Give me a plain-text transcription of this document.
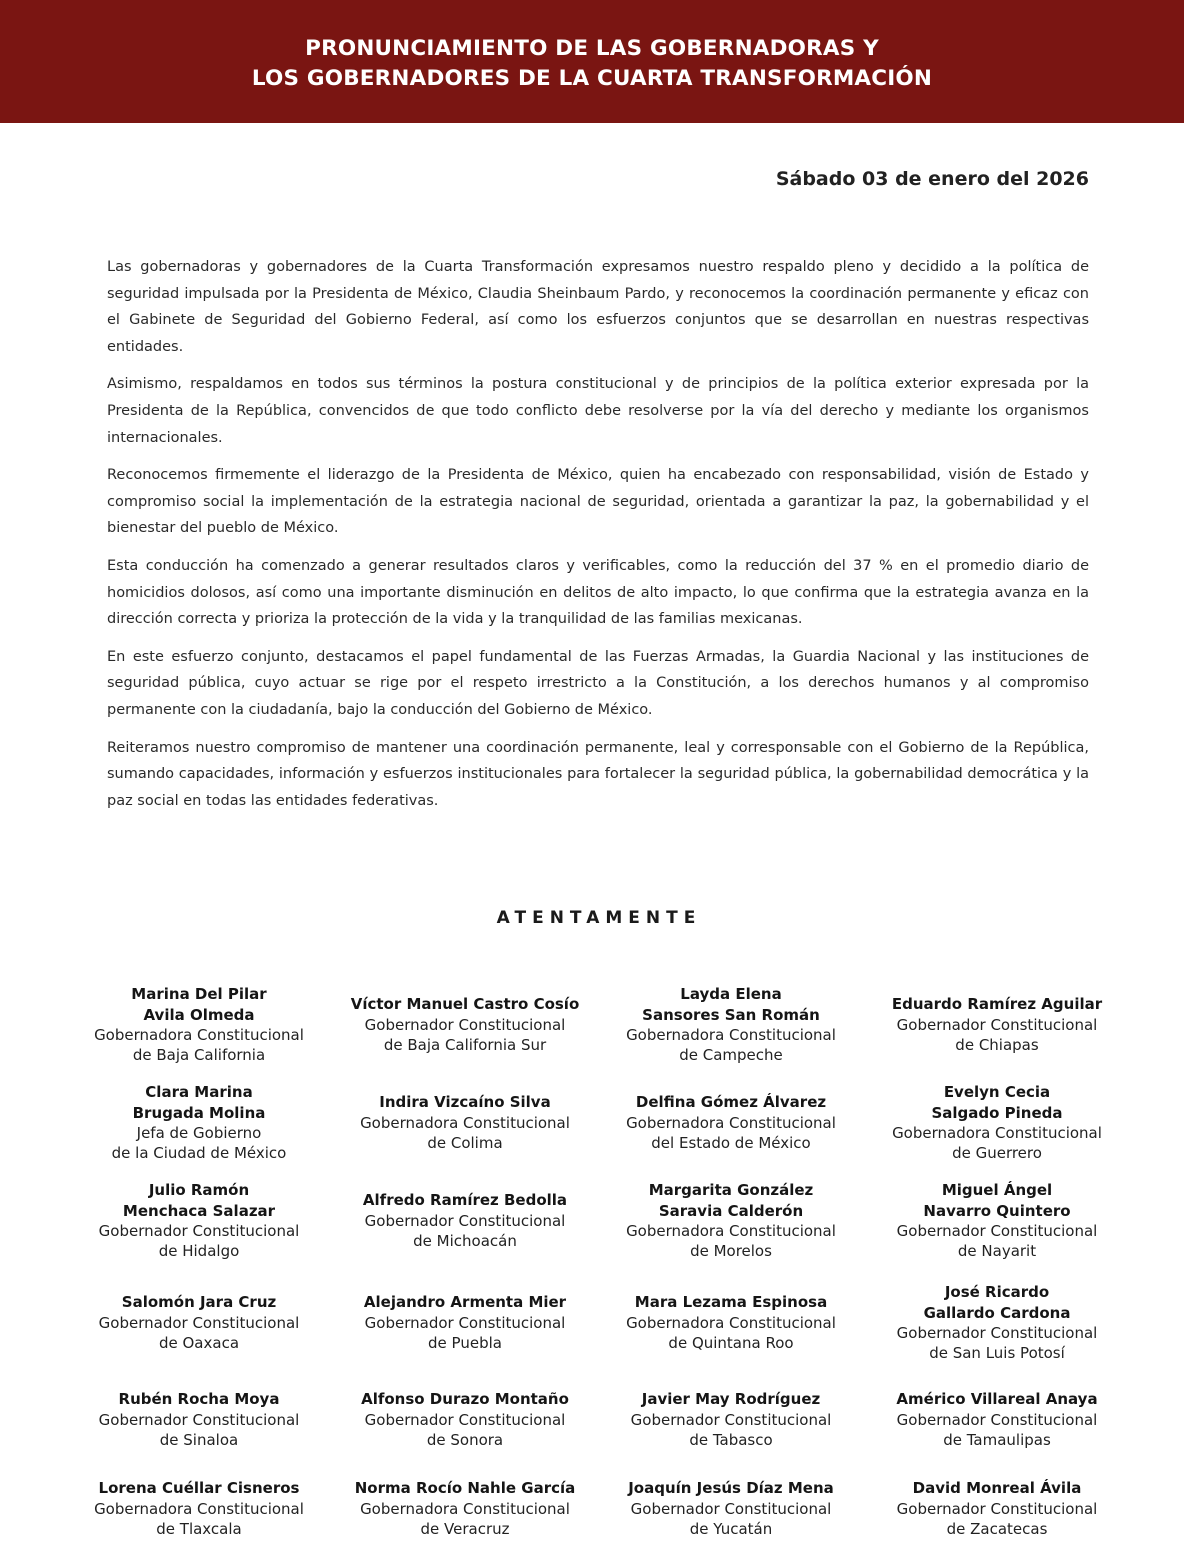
PRONUNCIAMIENTO DE LAS GOBERNADORAS Y
LOS GOBERNADORES DE LA CUARTA TRANSFORMACIÓN
Sábado 03 de enero del 2026

Las gobernadoras y gobernadores de la Cuarta Transformación expresamos nuestro respaldo pleno y decidido a la política de seguridad impulsada por la Presidenta de México, Claudia Sheinbaum Pardo, y reconocemos la coordinación permanente y eficaz con el Gabinete de Seguridad del Gobierno Federal, así como los esfuerzos conjuntos que se desarrollan en nuestras respectivas entidades.

Asimismo, respaldamos en todos sus términos la postura constitucional y de principios de la política exterior expresada por la Presidenta de la República, convencidos de que todo conflicto debe resolverse por la vía del derecho y mediante los organismos internacionales.

Reconocemos firmemente el liderazgo de la Presidenta de México, quien ha encabezado con responsabilidad, visión de Estado y compromiso social la implementación de la estrategia nacional de seguridad, orientada a garantizar la paz, la gobernabilidad y el bienestar del pueblo de México.

Esta conducción ha comenzado a generar resultados claros y verificables, como la reducción del 37 % en el promedio diario de homicidios dolosos, así como una importante disminución en delitos de alto impacto, lo que confirma que la estrategia avanza en la dirección correcta y prioriza la protección de la vida y la tranquilidad de las familias mexicanas.

En este esfuerzo conjunto, destacamos el papel fundamental de las Fuerzas Armadas, la Guardia Nacional y las instituciones de seguridad pública, cuyo actuar se rige por el respeto irrestricto a la Constitución, a los derechos humanos y al compromiso permanente con la ciudadanía, bajo la conducción del Gobierno de México.

Reiteramos nuestro compromiso de mantener una coordinación permanente, leal y corresponsable con el Gobierno de la República, sumando capacidades, información y esfuerzos institucionales para fortalecer la seguridad pública, la gobernabilidad democrática y la paz social en todas las entidades federativas.

ATENTAMENTE
Marina Del Pilar
Avila Olmeda
Gobernadora Constitucional
de Baja California
Víctor Manuel Castro Cosío
Gobernador Constitucional
de Baja California Sur
Layda Elena
Sansores San Román
Gobernadora Constitucional
de Campeche
Eduardo Ramírez Aguilar
Gobernador Constitucional
de Chiapas
Clara Marina
Brugada Molina
Jefa de Gobierno
de la Ciudad de México
Indira Vizcaíno Silva
Gobernadora Constitucional
de Colima
Delfina Gómez Álvarez
Gobernadora Constitucional
del Estado de México
Evelyn Cecia
Salgado Pineda
Gobernadora Constitucional
de Guerrero
Julio Ramón
Menchaca Salazar
Gobernador Constitucional
de Hidalgo
Alfredo Ramírez Bedolla
Gobernador Constitucional
de Michoacán
Margarita González
Saravia Calderón
Gobernadora Constitucional
de Morelos
Miguel Ángel
Navarro Quintero
Gobernador Constitucional
de Nayarit
Salomón Jara Cruz
Gobernador Constitucional
de Oaxaca
Alejandro Armenta Mier
Gobernador Constitucional
de Puebla
Mara Lezama Espinosa
Gobernadora Constitucional
de Quintana Roo
José Ricardo
Gallardo Cardona
Gobernador Constitucional
de San Luis Potosí
Rubén Rocha Moya
Gobernador Constitucional
de Sinaloa
Alfonso Durazo Montaño
Gobernador Constitucional
de Sonora
Javier May Rodríguez
Gobernador Constitucional
de Tabasco
Américo Villareal Anaya
Gobernador Constitucional
de Tamaulipas
Lorena Cuéllar Cisneros
Gobernadora Constitucional
de Tlaxcala
Norma Rocío Nahle García
Gobernadora Constitucional
de Veracruz
Joaquín Jesús Díaz Mena
Gobernador Constitucional
de Yucatán
David Monreal Ávila
Gobernador Constitucional
de Zacatecas
